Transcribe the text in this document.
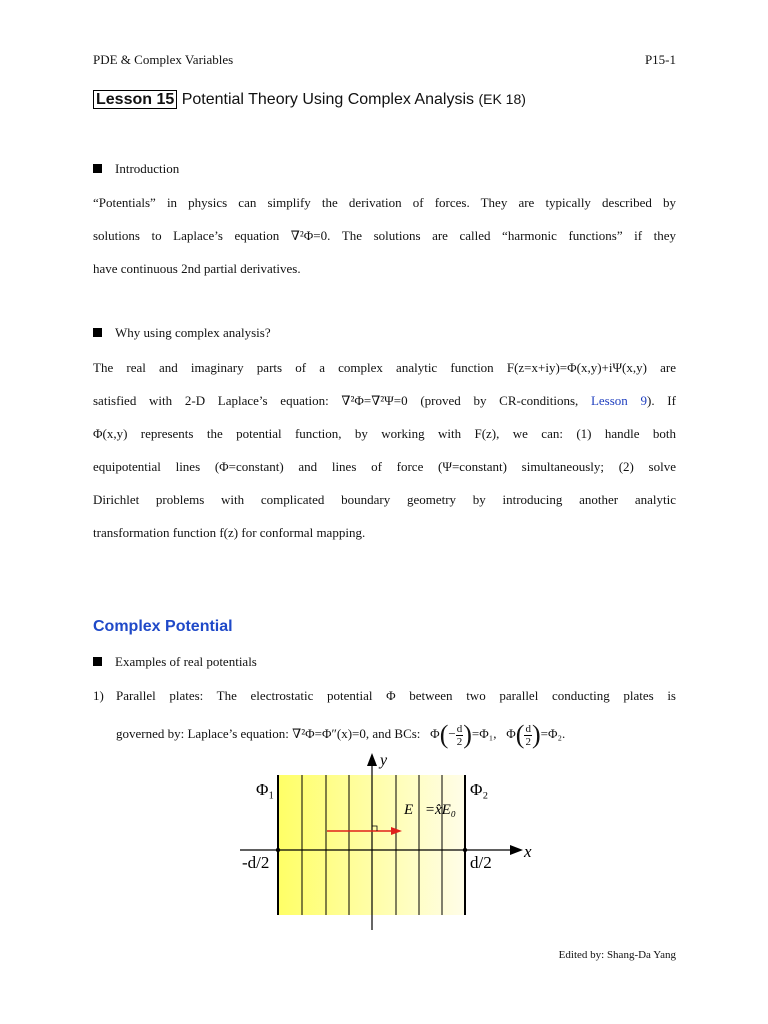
PDE & Complex Variables	P15-1
Lesson 15 Potential Theory Using Complex Analysis (EK 18)
Introduction
“Potentials” in physics can simplify the derivation of forces. They are typically described by
solutions to Laplace’s equation ∇²Φ=0. The solutions are called “harmonic functions” if they
have continuous 2nd partial derivatives.
Why using complex analysis?
The real and imaginary parts of a complex analytic function F(z=x+iy)=Φ(x,y)+iΨ(x,y) are
satisfied with 2-D Laplace’s equation: ∇²Φ=∇²Ψ=0 (proved by CR-conditions, Lesson 9). If
Φ(x,y) represents the potential function, by working with F(z), we can: (1) handle both
equipotential lines (Φ=constant) and lines of force (Ψ=constant) simultaneously; (2) solve
Dirichlet problems with complicated boundary geometry by introducing another analytic
transformation function f(z) for conformal mapping.
Complex Potential
Examples of real potentials
1) Parallel plates: The electrostatic potential Φ between two parallel conducting plates is
governed by: Laplace’s equation: ∇²Φ=Φ″(x)=0, and BCs: $\Phi(- \frac{d}{2} )=\Phi_1$, $\Phi( \frac{d}{2} )=\Phi_2$.
y
x
Φ₁	Φ₂
E⃗=x̂E₀
-d/2	d/2
Edited by: Shang-Da Yang
